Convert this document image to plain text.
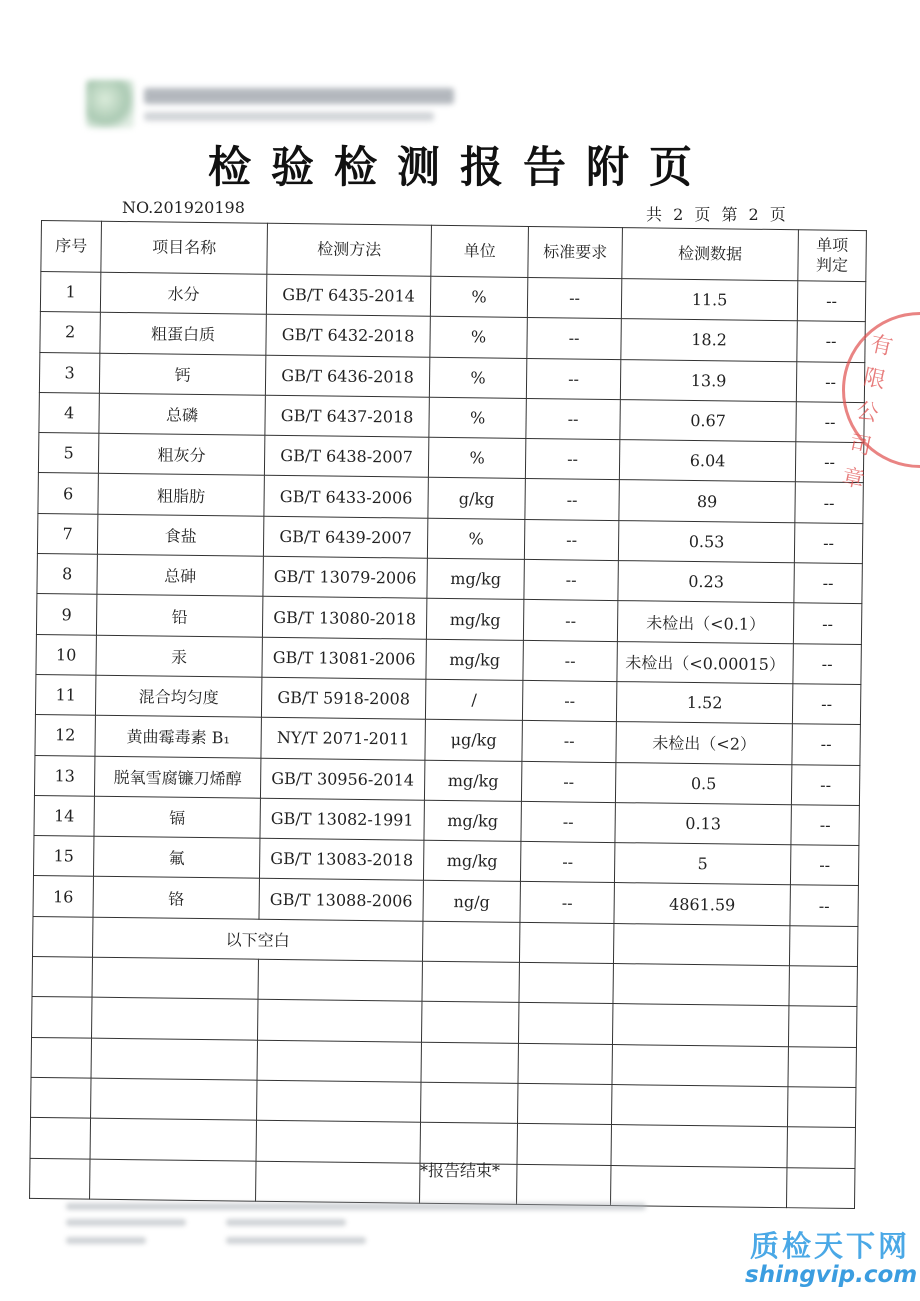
检验检测报告附页
NO.201920198	共 2 页 第 2 页
序号	项目名称	检测方法	单位	标准要求	检测数据	单项判定
1	水分	GB/T 6435-2014	%	--	11.5	--
2	粗蛋白质	GB/T 6432-2018	%	--	18.2	--
3	钙	GB/T 6436-2018	%	--	13.9	--
4	总磷	GB/T 6437-2018	%	--	0.67	--
5	粗灰分	GB/T 6438-2007	%	--	6.04	--
6	粗脂肪	GB/T 6433-2006	g/kg	--	89	--
7	食盐	GB/T 6439-2007	%	--	0.53	--
8	总砷	GB/T 13079-2006	mg/kg	--	0.23	--
9	铅	GB/T 13080-2018	mg/kg	--	未检出（<0.1）	--
10	汞	GB/T 13081-2006	mg/kg	--	未检出（<0.00015）	--
11	混合均匀度	GB/T 5918-2008	/	--	1.52	--
12	黄曲霉毒素 B₁	NY/T 2071-2011	μg/kg	--	未检出（<2）	--
13	脱氧雪腐镰刀烯醇	GB/T 30956-2014	mg/kg	--	0.5	--
14	镉	GB/T 13082-1991	mg/kg	--	0.13	--
15	氟	GB/T 13083-2018	mg/kg	--	5	--
16	铬	GB/T 13088-2006	ng/g	--	4861.59	--
	以下空白					

*报告结束*
有限公司章
质检天下网
shingvip.com
